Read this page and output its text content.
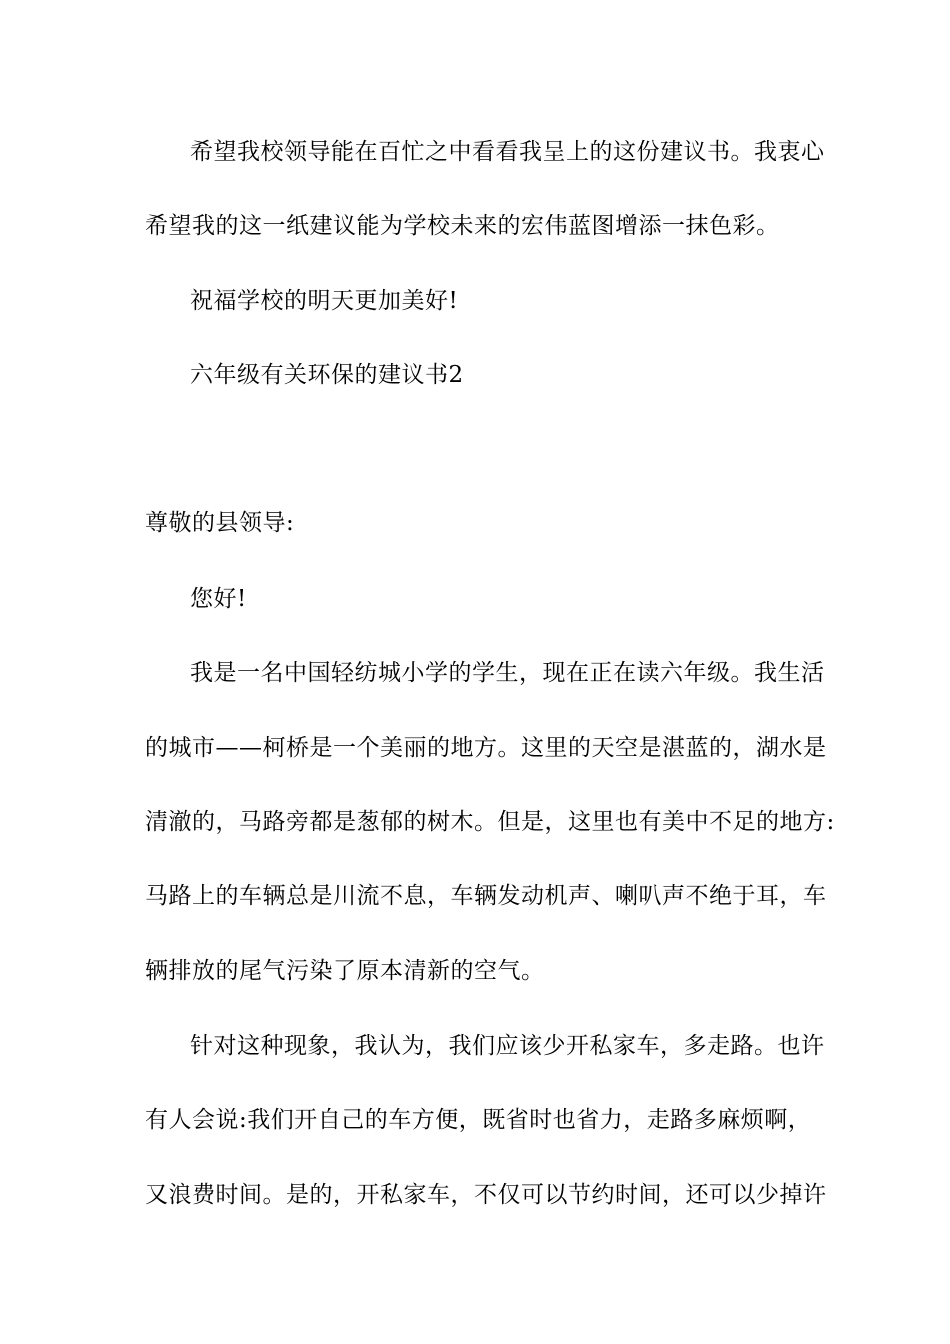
希望我校领导能在百忙之中看看我呈上的这份建议书。我衷心
希望我的这一纸建议能为学校未来的宏伟蓝图增添一抹色彩。
祝福学校的明天更加美好!
六年级有关环保的建议书2
尊敬的县领导:
您好!
我是一名中国轻纺城小学的学生，现在正在读六年级。我生活
的城市——柯桥是一个美丽的地方。这里的天空是湛蓝的，湖水是
清澈的，马路旁都是葱郁的树木。但是，这里也有美中不足的地方:
马路上的车辆总是川流不息，车辆发动机声、喇叭声不绝于耳，车
辆排放的尾气污染了原本清新的空气。
针对这种现象，我认为，我们应该少开私家车，多走路。也许
有人会说:我们开自己的车方便，既省时也省力，走路多麻烦啊，
又浪费时间。是的，开私家车，不仅可以节约时间，还可以少掉许
